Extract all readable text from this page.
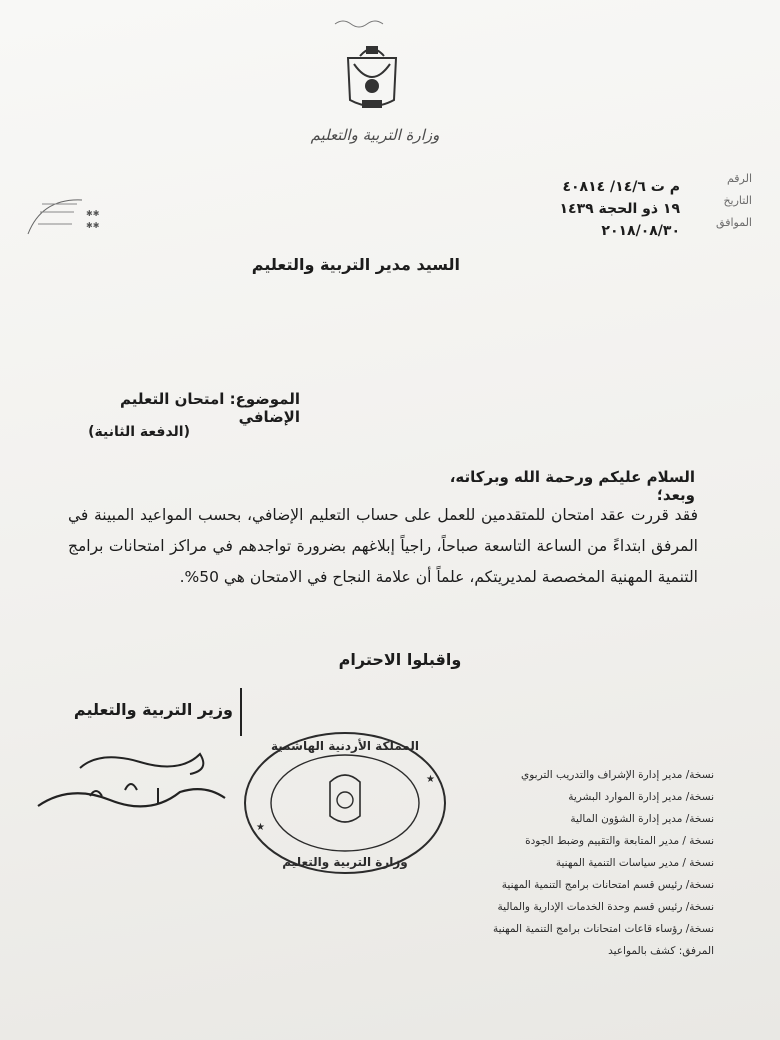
وزارة التربية والتعليم
الرقم
التاريخ
الموافق
م ت ١٤/٦/ ٤٠٨١٤
١٩ ذو الحجة ١٤٣٩
٢٠١٨/٠٨/٣٠
✱✱
✱✱
السيد مدير التربية والتعليم
الموضوع: امتحان التعليم الإضافي
(الدفعة الثانية)
السلام عليكم ورحمة الله وبركاته، وبعد؛
فقد قررت عقد امتحان للمتقدمين للعمل على حساب التعليم الإضافي، بحسب المواعيد المبينة في المرفق ابتداءً من الساعة التاسعة صباحاً، راجياً إبلاغهم بضرورة تواجدهم في مراكز امتحانات برامج التنمية المهنية المخصصة لمديريتكم، علماً أن علامة النجاح في الامتحان هي 50%.
واقبلوا الاحترام
وزير التربية والتعليم
المملكة الأردنية الهاشمية
وزارة التربية والتعليم
★
★	نسخة/ مدير إدارة الإشراف والتدريب التربوي
نسخة/ مدير إدارة الموارد البشرية
نسخة/ مدير إدارة الشؤون المالية
نسخة / مدير المتابعة والتقييم وضبط الجودة
نسخة / مدير سياسات التنمية المهنية
نسخة/ رئيس قسم امتحانات برامج التنمية المهنية
نسخة/ رئيس قسم وحدة الخدمات الإدارية والمالية
نسخة/ رؤساء قاعات امتحانات برامج التنمية المهنية
المرفق: كشف بالمواعيد
